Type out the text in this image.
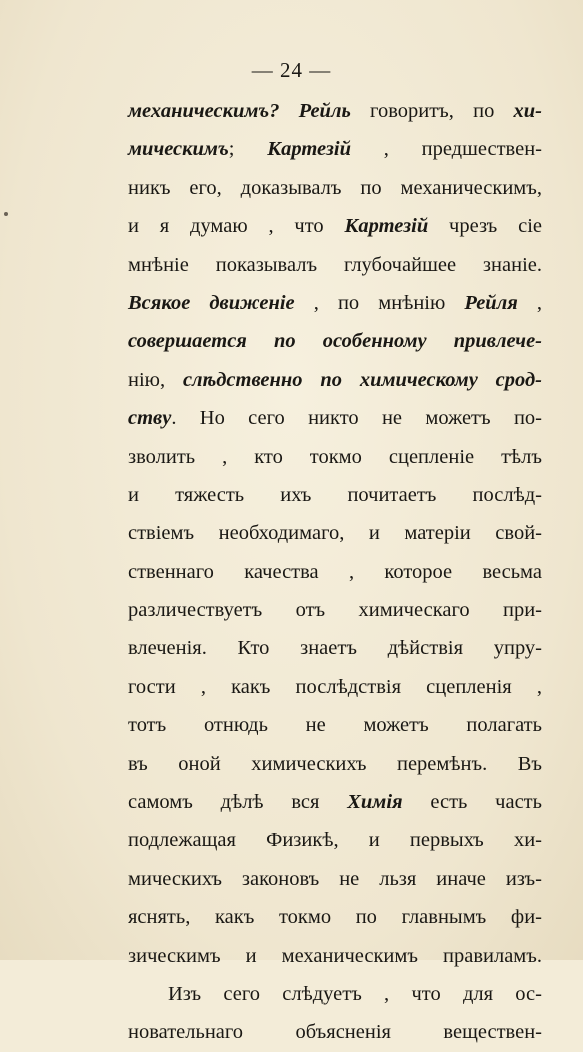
— 24 —
механическимъ? Рейль говоритъ, по хи-
мическимъ; Картезій , предшествен-
никъ его, доказывалъ по механическимъ,
и я думаю , что Картезій чрезъ сіе
мнѣніе показывалъ глубочайшее знаніе.
Всякое движеніе , по мнѣнію Рейля ,
совершается по особенному привлече-
нію, слѣдственно по химическому срод-
ству. Но сего никто не можетъ по-
зволить , кто токмо сцепленіе тѣлъ
и тяжесть ихъ почитаетъ послѣд-
ствіемъ необходимаго, и матеріи свой-
ственнаго качества , которое весьма
различествуетъ отъ химическаго при-
влеченія. Кто знаетъ дѣйствія упру-
гости , какъ послѣдствія сцепленія ,
тотъ отнюдь не можетъ полагать
въ оной химическихъ перемѣнъ. Въ
самомъ дѣлѣ вся Химія есть часть
подлежащая Физикѣ, и первыхъ хи-
мическихъ законовъ не льзя иначе изъ-
яснять, какъ токмо по главнымъ фи-
зическимъ и механическимъ правиламъ.
Изъ сего слѣдуетъ , что для ос-
новательнаго объясненія веществен-
